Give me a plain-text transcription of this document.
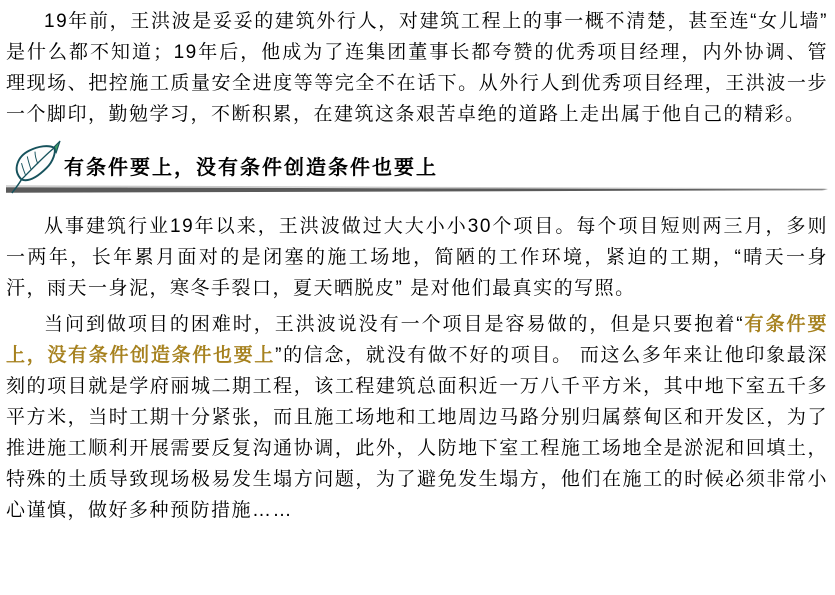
19年前，王洪波是妥妥的建筑外行人，对建筑工程上的事一概不清楚，甚至连“女儿墙” 是什么都不知道；19年后，他成为了连集团董事长都夸赞的优秀项目经理，内外协调、管理现场、把控施工质量安全进度等等完全不在话下。从外行人到优秀项目经理，王洪波一步一个脚印，勤勉学习，不断积累，在建筑这条艰苦卓绝的道路上走出属于他自己的精彩。

有条件要上，没有条件创造条件也要上

从事建筑行业19年以来，王洪波做过大大小小30个项目。每个项目短则两三月，多则一两年，长年累月面对的是闭塞的施工场地，简陋的工作环境，紧迫的工期，“晴天一身汗，雨天一身泥，寒冬手裂口，夏天晒脱皮” 是对他们最真实的写照。

当问到做项目的困难时，王洪波说没有一个项目是容易做的，但是只要抱着“有条件要上，没有条件创造条件也要上”的信念，就没有做不好的项目。 而这么多年来让他印象最深刻的项目就是学府丽城二期工程，该工程建筑总面积近一万八千平方米，其中地下室五千多平方米，当时工期十分紧张，而且施工场地和工地周边马路分别归属蔡甸区和开发区，为了推进施工顺利开展需要反复沟通协调，此外，人防地下室工程施工场地全是淤泥和回填土，特殊的土质导致现场极易发生塌方问题，为了避免发生塌方，他们在施工的时候必须非常小心谨慎，做好多种预防措施……
